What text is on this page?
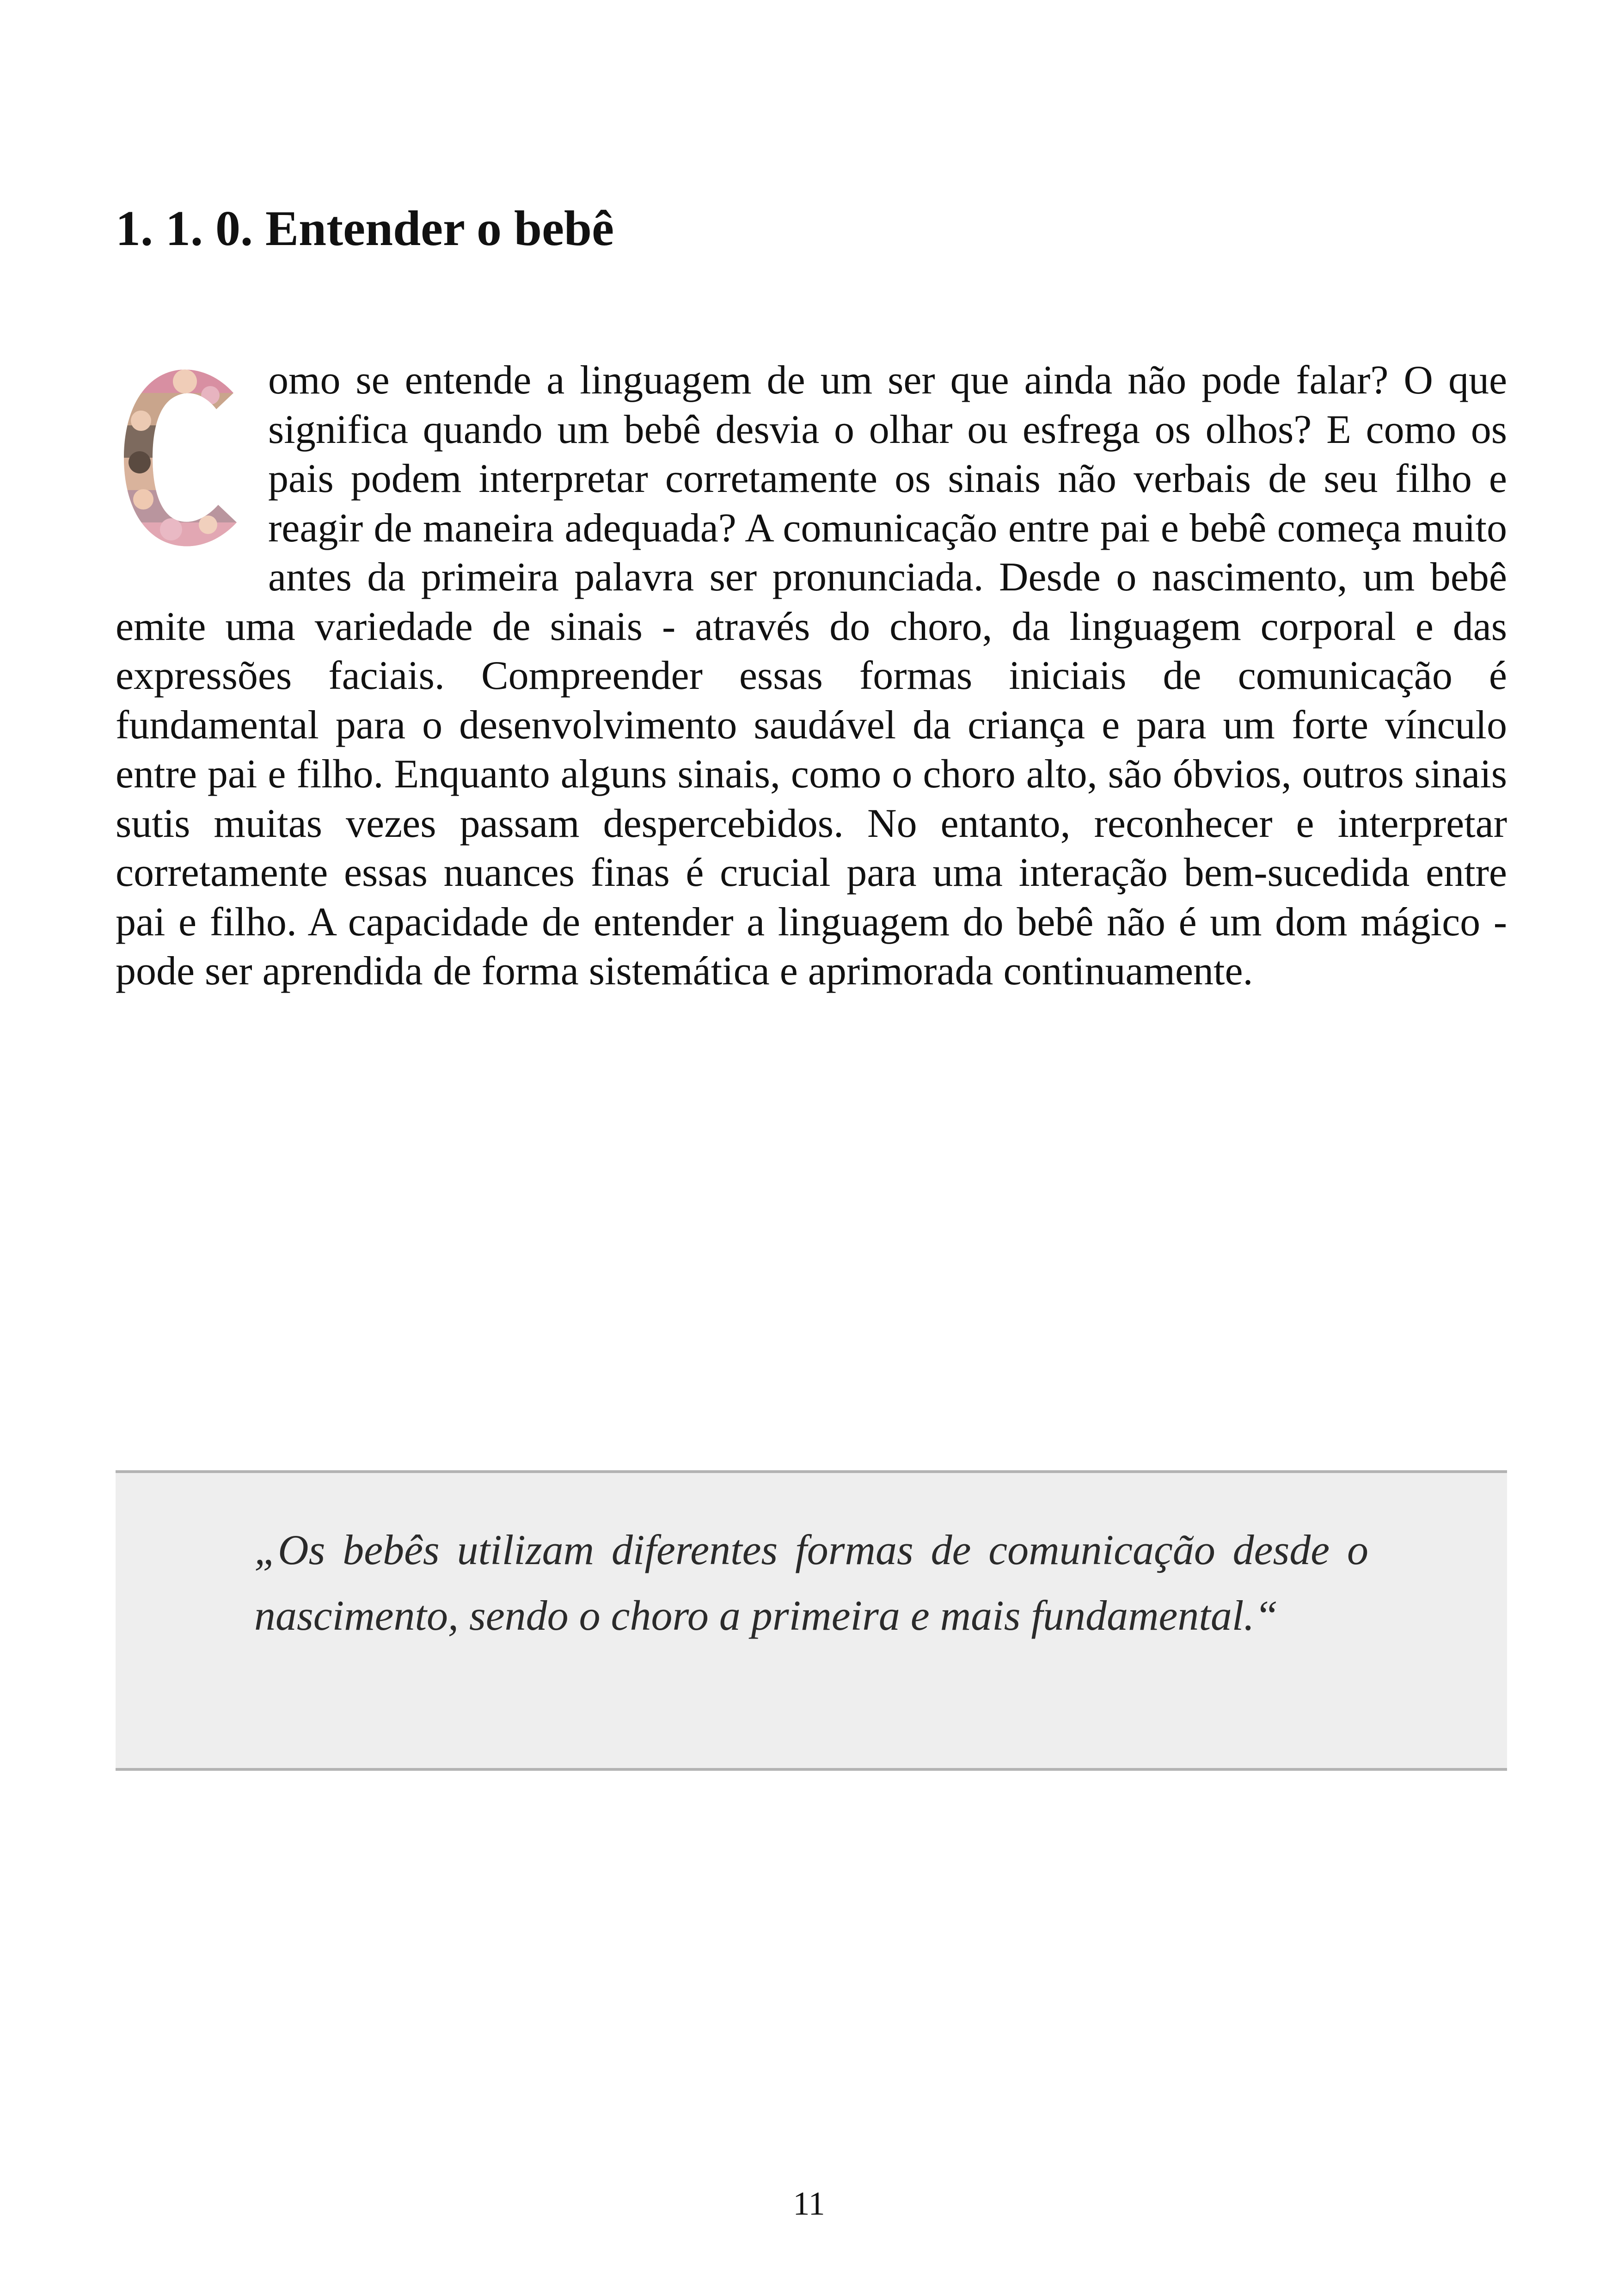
1. 1. 0. Entender o bebê

omo se entende a linguagem de um ser que ainda não pode falar? O que significa quando um bebê desvia o olhar ou esfrega os olhos? E como os pais podem interpretar corretamente os sinais não verbais de seu filho e reagir de maneira adequada? A comunicação entre pai e bebê começa muito antes da primeira palavra ser pronunciada. Desde o nascimento, um bebê emite uma variedade de sinais - através do choro, da linguagem corporal e das expressões faciais. Compreender essas formas iniciais de comunicação é fundamental para o desenvolvimento saudável da criança e para um forte vínculo entre pai e filho. Enquanto alguns sinais, como o choro alto, são óbvios, outros sinais sutis muitas vezes passam despercebidos. No entanto, reconhecer e interpretar corretamente essas nuances finas é crucial para uma interação bem-sucedida entre pai e filho. A capacidade de entender a linguagem do bebê não é um dom mágico - pode ser aprendida de forma sistemática e aprimorada continuamente.

„Os bebês utilizam diferentes formas de comunicação desde o nascimento, sendo o choro a primeira e mais fundamental.“

11
